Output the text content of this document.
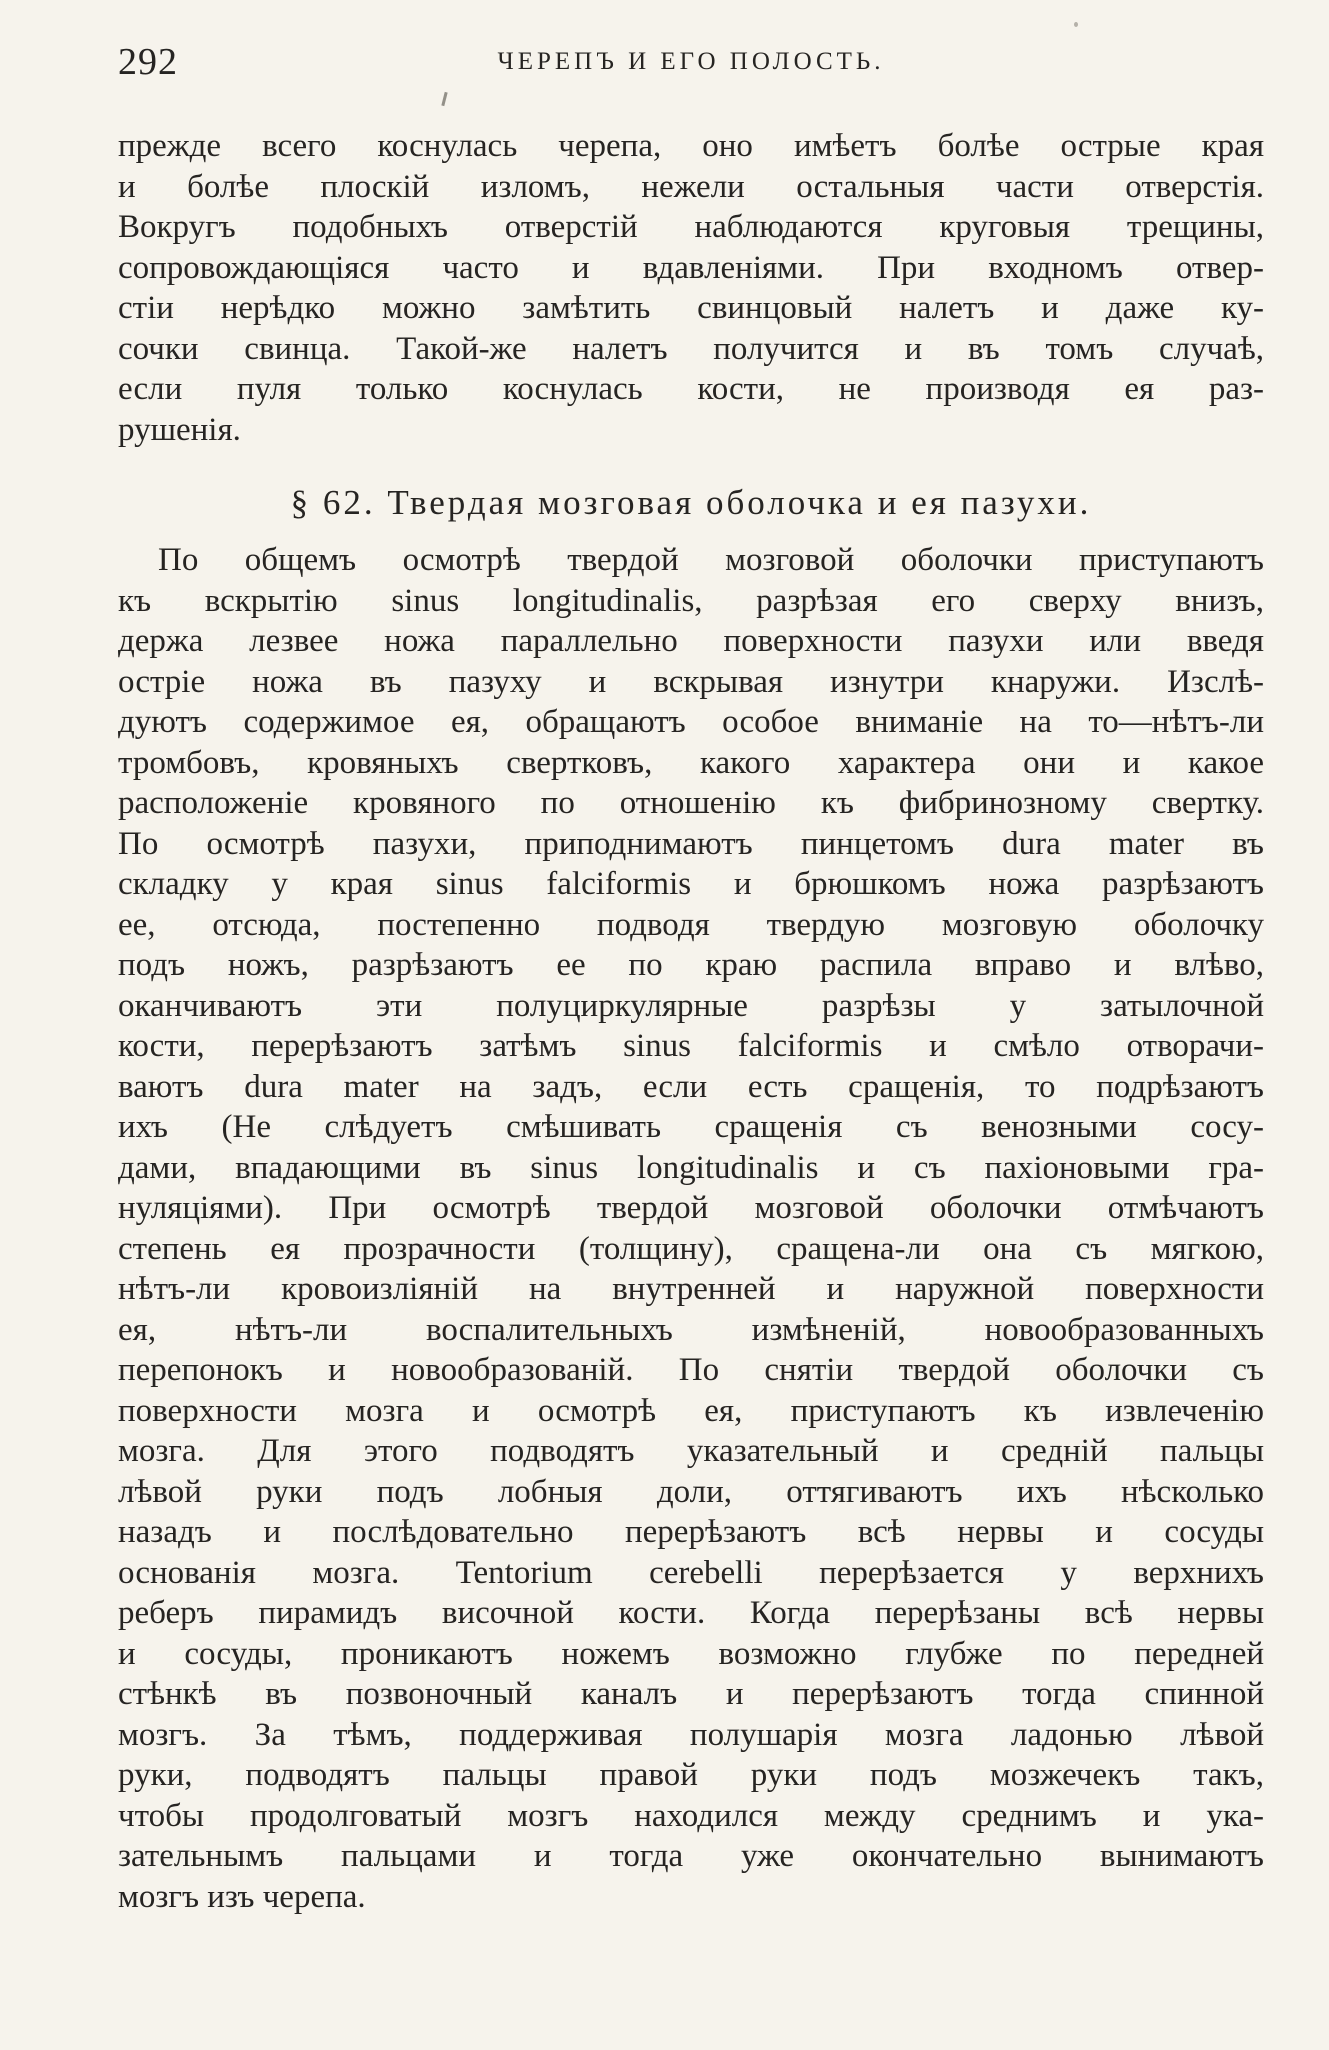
292	ЧЕРЕПЪ И ЕГО ПОЛОСТЬ.
прежде всего коснулась черепа, оно имѣетъ болѣе острые края
и болѣе плоскій изломъ, нежели остальныя части отверстія.
Вокругъ подобныхъ отверстій наблюдаются круговыя трещины,
сопровождающіяся часто и вдавленіями. При входномъ отвер-
стіи нерѣдко можно замѣтить свинцовый налетъ и даже ку-
сочки свинца. Такой-же налетъ получится и въ томъ случаѣ,
если пуля только коснулась кости, не производя ея раз-
рушенія.
§ 62. Твердая мозговая оболочка и ея пазухи.
По общемъ осмотрѣ твердой мозговой оболочки приступаютъ
къ вскрытію sinus longitudinalis, разрѣзая его сверху внизъ,
держа лезвее ножа параллельно поверхности пазухи или введя
остріе ножа въ пазуху и вскрывая изнутри кнаружи. Изслѣ-
дуютъ содержимое ея, обращаютъ особое вниманіе на то—нѣтъ-ли
тромбовъ, кровяныхъ свертковъ, какого характера они и какое
расположеніе кровяного по отношенію къ фибринозному свертку.
По осмотрѣ пазухи, приподнимаютъ пинцетомъ dura mater въ
складку у края sinus falciformis и брюшкомъ ножа разрѣзаютъ
ее, отсюда, постепенно подводя твердую мозговую оболочку
подъ ножъ, разрѣзаютъ ее по краю распила вправо и влѣво,
оканчиваютъ эти полуциркулярные разрѣзы у затылочной
кости, перерѣзаютъ затѣмъ sinus falciformis и смѣло отворачи-
ваютъ dura mater на задъ, если есть сращенія, то подрѣзаютъ
ихъ (Не слѣдуетъ смѣшивать сращенія съ венозными сосу-
дами, впадающими въ sinus longitudinalis и съ пахіоновыми гра-
нуляціями). При осмотрѣ твердой мозговой оболочки отмѣчаютъ
степень ея прозрачности (толщину), сращена-ли она съ мягкою,
нѣтъ-ли кровоизліяній на внутренней и наружной поверхности
ея, нѣтъ-ли воспалительныхъ измѣненій, новообразованныхъ
перепонокъ и новообразованій. По снятіи твердой оболочки съ
поверхности мозга и осмотрѣ ея, приступаютъ къ извлеченію
мозга. Для этого подводятъ указательный и средній пальцы
лѣвой руки подъ лобныя доли, оттягиваютъ ихъ нѣсколько
назадъ и послѣдовательно перерѣзаютъ всѣ нервы и сосуды
основанія мозга. Tentorium cerebelli перерѣзается у верхнихъ
реберъ пирамидъ височной кости. Когда перерѣзаны всѣ нервы
и сосуды, проникаютъ ножемъ возможно глубже по передней
стѣнкѣ въ позвоночный каналъ и перерѣзаютъ тогда спинной
мозгъ. За тѣмъ, поддерживая полушарія мозга ладонью лѣвой
руки, подводятъ пальцы правой руки подъ мозжечекъ такъ,
чтобы продолговатый мозгъ находился между среднимъ и ука-
зательнымъ пальцами и тогда уже окончательно вынимаютъ
мозгъ изъ черепа.
